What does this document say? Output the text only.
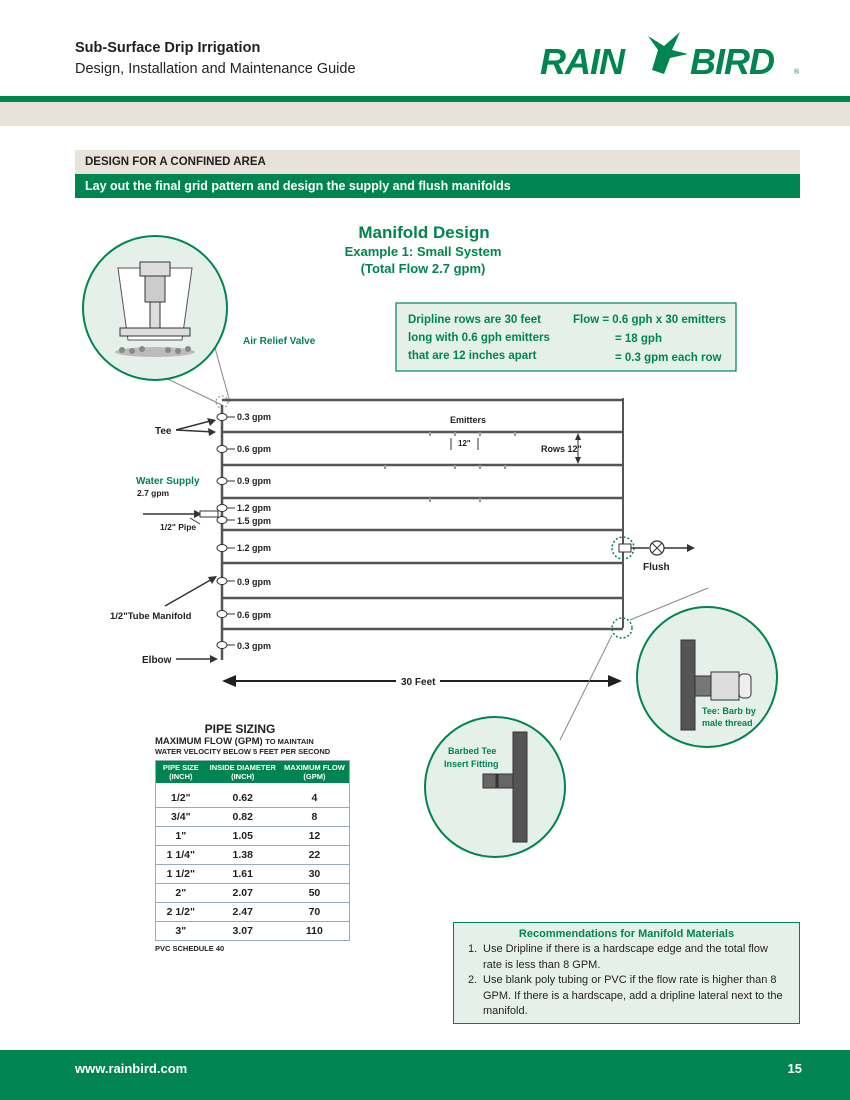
Sub-Surface Drip Irrigation
Design, Installation and Maintenance Guide	RAIN BIRD	®
DESIGN FOR A CONFINED AREA
Lay out the final grid pattern and design the supply and flush manifolds
Manifold Design
Example 1: Small System
(Total Flow 2.7 gpm)
Dripline rows are 30 feet
long with 0.6 gph emitters
that are 12 inches apart
Flow = 0.6 gph x 30 emitters
= 18 gph
= 0.3 gpm each row
Air Relief Valve
0.3 gpm
0.6 gpm
0.9 gpm
1.2 gpm
1.5 gpm
1.2 gpm
0.9 gpm
0.6 gpm
0.3 gpm
Tee
Water Supply
2.7 gpm
1/2" Pipe
1/2"Tube Manifold
Elbow
Emitters
12"
Rows 12"
Flush
30 Feet
Tee: Barb by
male thread
Barbed Tee
Insert Fitting
PIPE SIZING
MAXIMUM FLOW (GPM) TO MAINTAIN
WATER VELOCITY BELOW 5 FEET PER SECOND
PIPE SIZE (INCH)	INSIDE DIAMETER (INCH)	MAXIMUM FLOW (GPM)
1/2"	0.62	4
3/4"	0.82	8
1"	1.05	12
1 1/4"	1.38	22
1 1/2"	1.61	30
2"	2.07	50
2 1/2"	2.47	70
3"	3.07	110
PVC SCHEDULE 40
Recommendations for Manifold Materials
1. Use Dripline if there is a hardscape edge and the total flow rate is less than 8 GPM.
2. Use blank poly tubing or PVC if the flow rate is higher than 8 GPM. If there is a hardscape, add a dripline lateral next to the manifold.
www.rainbird.com	15
